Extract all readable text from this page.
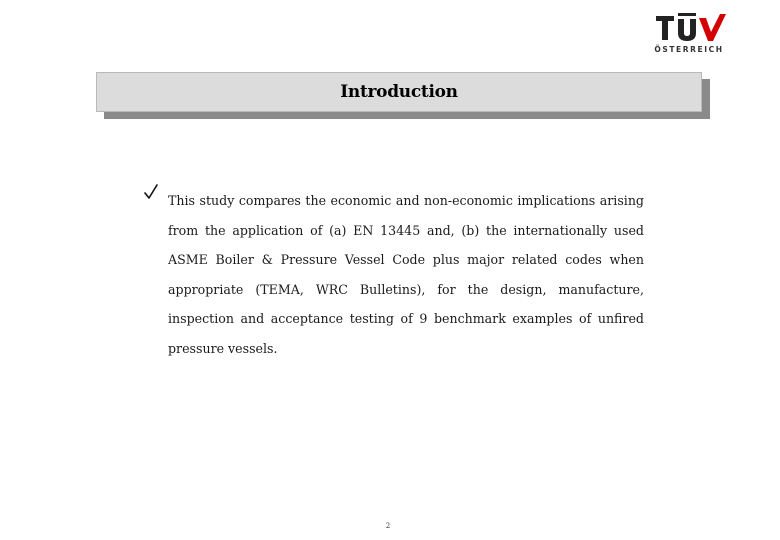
ÖSTERREICH
Introduction

This study compares the economic and non-economic implications arising from the application of (a) EN 13445 and, (b) the internationally used ASME Boiler & Pressure Vessel Code plus major related codes when appropriate (TEMA, WRC Bulletins), for the design, manufacture, inspection and acceptance testing of 9 benchmark examples of unfired pressure vessels.

2
